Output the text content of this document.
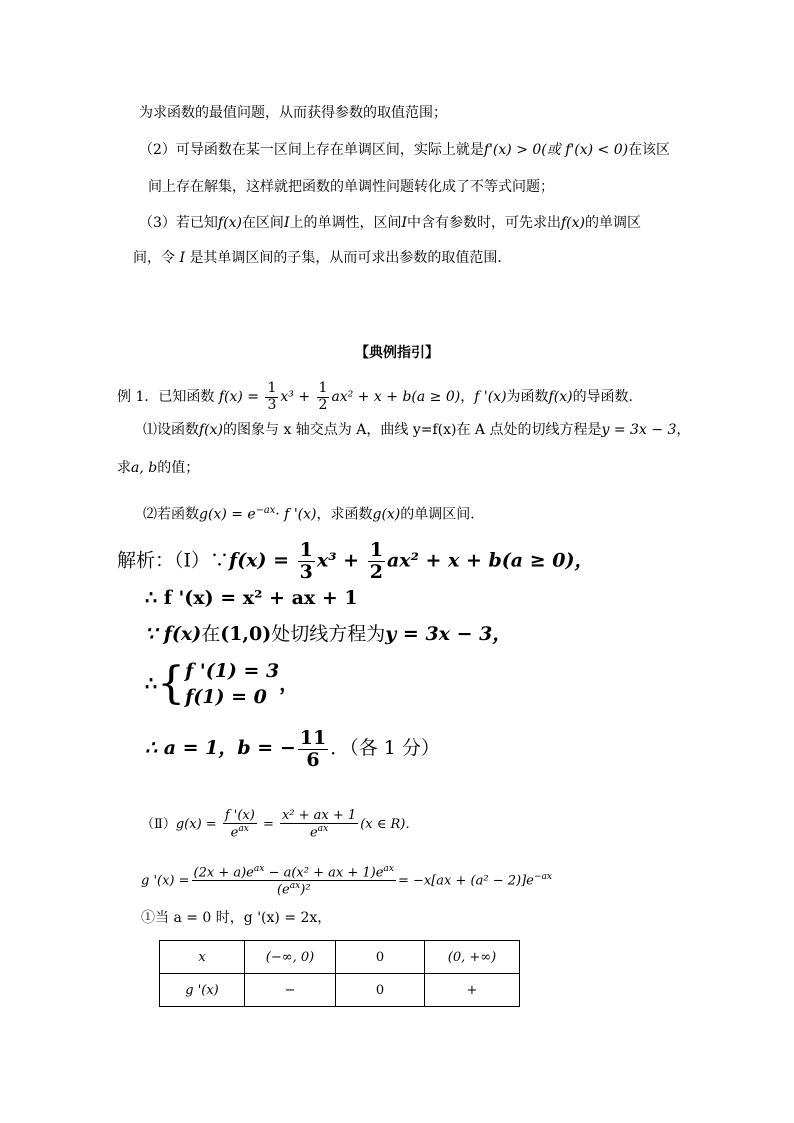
为求函数的最值问题，从而获得参数的取值范围；
（2）可导函数在某一区间上存在单调区间，实际上就是f'(x) > 0(或 f'(x) < 0)在该区
间上存在解集，这样就把函数的单调性问题转化成了不等式问题；
（3）若已知f(x)在区间I上的单调性，区间I中含有参数时，可先求出f(x)的单调区
间，令 I 是其单调区间的子集，从而可求出参数的取值范围．
【典例指引】
例 1．已知函数 $f(x) = \frac{1}{3} x^3 + \frac{1}{2} ax^2 + x + b(a \ge 0)$，f '(x)为函数f(x)的导函数．
⑴设函数f(x)的图象与 x 轴交点为 A，曲线 y=f(x)在 A 点处的切线方程是y = 3x − 3，
求a, b的值；
⑵若函数$g(x) = e^{-ax}\cdot f$ '(x)，求函数g(x)的单调区间．
解析：（Ⅰ）∵f(x) = $\frac{1}{3} x^3 + \frac{1}{2} ax^2 + x + b(a \ge 0)$，
∴ f '(x) = x² + ax + 1
∵ f(x)在(1,0)处切线方程为y = 3x − 3，
∴{ f '(1) = 3
f(1) = 0
，
∴ a = 1，b = − $\frac{11}{6}$ ．（各 1 分）
（Ⅱ）g(x) = $\frac{f '(x)}{e^{ax}} = \frac{\text{x² + ax + 1}}{e^{ax}} (x$ ∈ R)．
g '$(x) = \frac{(2x + a)e^{ax} - a(x^2 + ax + 1)e^{ax}}{(e^{ax})^2} = -x[ax + (a^2 - 2)]e^{-ax}$
①当 a = 0 时，g '(x) = 2x，
x	(−∞, 0)	0	(0, +∞)
g '(x)	−	0	+
